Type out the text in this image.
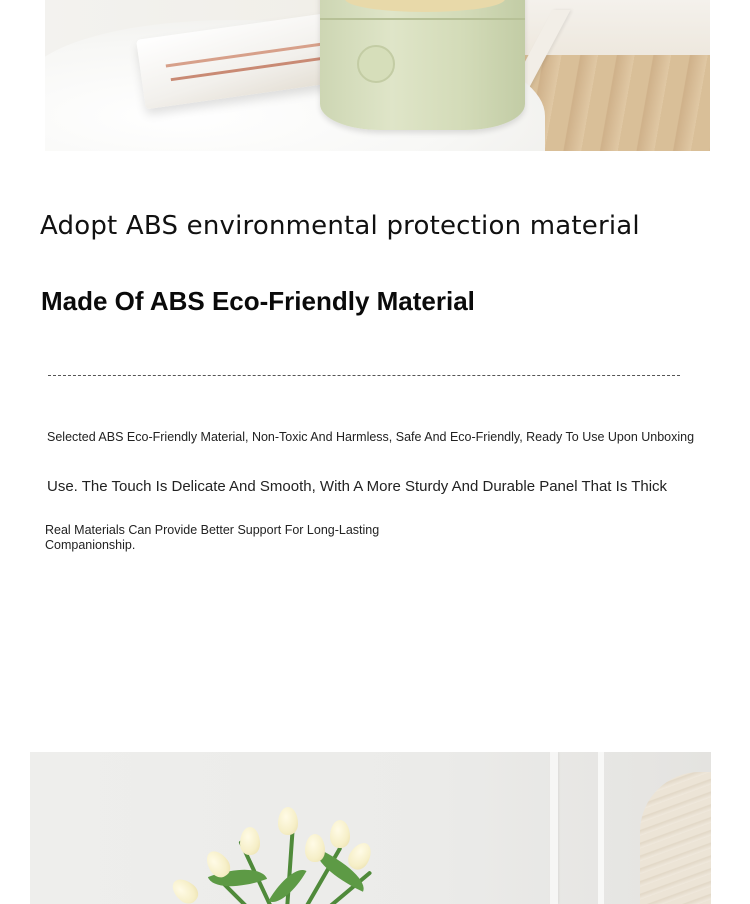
Adopt ABS environmental protection material
Made Of ABS Eco-Friendly Material

Selected ABS Eco-Friendly Material, Non-Toxic And Harmless, Safe And Eco-Friendly, Ready To Use Upon Unboxing

Use. The Touch Is Delicate And Smooth, With A More Sturdy And Durable Panel That Is Thick

Real Materials Can Provide Better Support For Long-Lasting Companionship.
